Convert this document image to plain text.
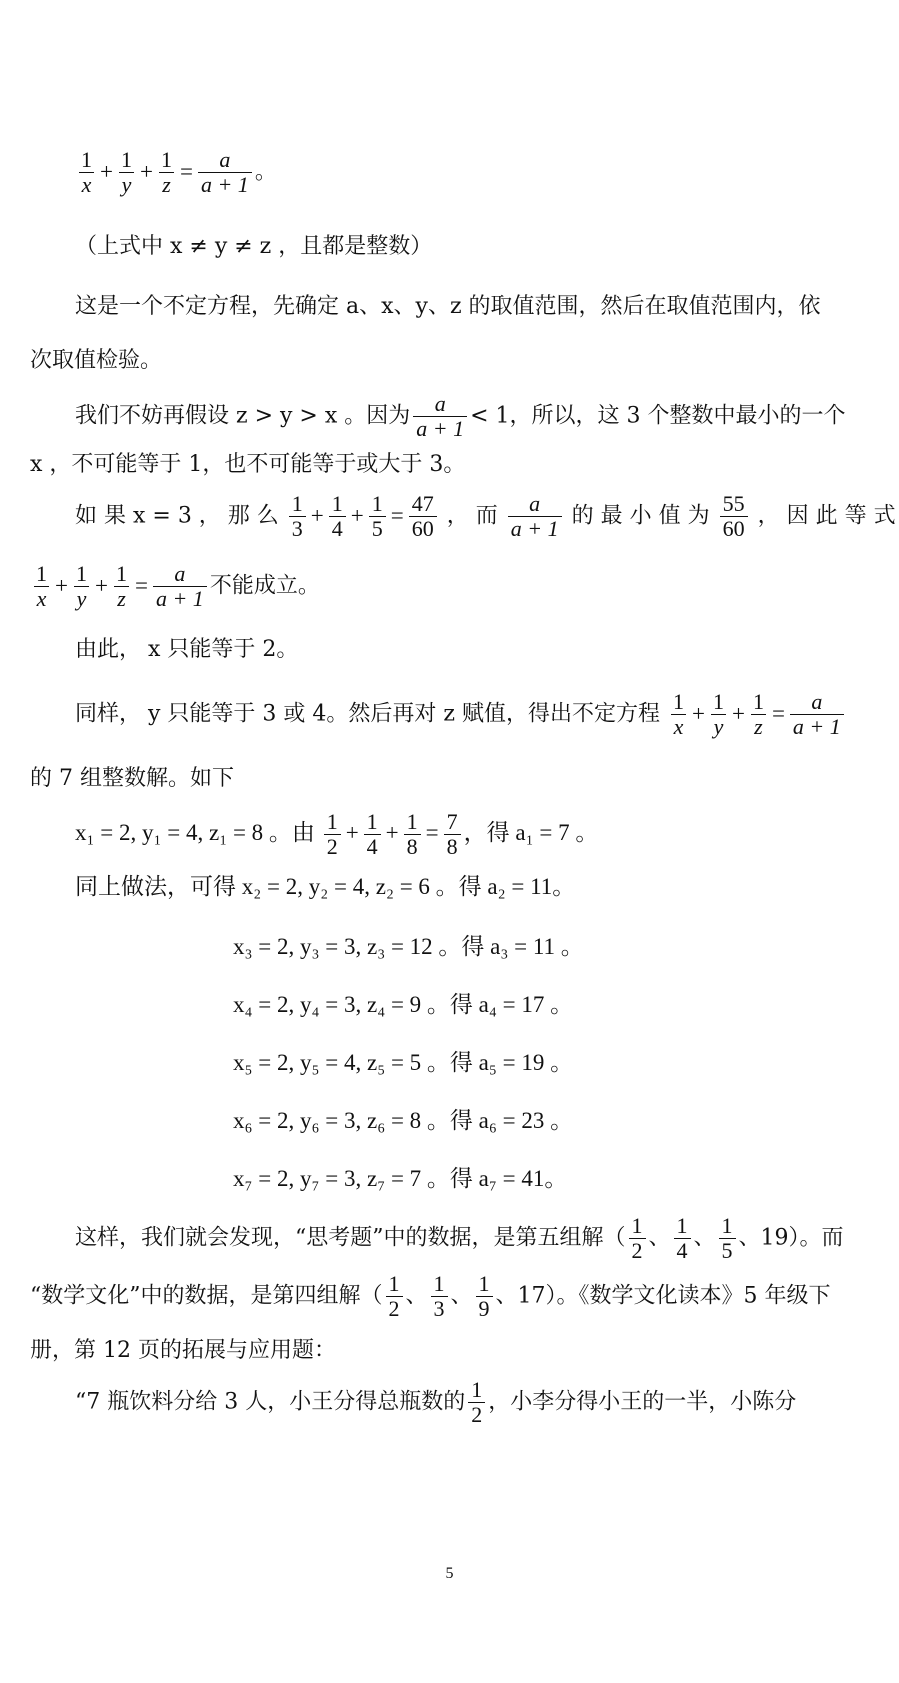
$\frac{1}{x} + \frac{1}{y} + \frac{1}{z} = \frac{a}{a + 1}$ 。
（上式中 x ≠ y ≠ z ，且都是整数）
这是一个不定方程，先确定 a、x、y、z 的取值范围，然后在取值范围内，依
次取值检验。
我们不妨再假设 z > y > x 。因为 $\frac{a}{a + 1} < 1$，所以，这 3 个整数中最小的一个
x ，不可能等于 1，也不可能等于或大于 3。
如 果 x = 3 ， 那 么 $\frac{1}{3} + \frac{1}{4} + \frac{1}{5} = \frac{47}{60}$ ， 而 $\frac{a}{a + 1}$ 的 最 小 值 为 $\frac{55}{60}$ ， 因 此 等 式
$\frac{1}{x} + \frac{1}{y} + \frac{1}{z} = \frac{a}{a + 1}$ 不能成立。
由此， x 只能等于 2。
同样， y 只能等于 3 或 4。然后再对 z 赋值，得出不定方程 $\frac{1}{x} + \frac{1}{y} + \frac{1}{z} = \frac{a}{a + 1}$
的 7 组整数解。如下
x₁ = 2, y₁ = 4, z₁ = 8 。由 $\frac{1}{2} + \frac{1}{4} + \frac{1}{8} = \frac{7}{8}$ ，得 a₁ = 7 。
同上做法，可得 x₂ = 2, y₂ = 4, z₂ = 6 。得 a₂ = 11。
x₃ = 2, y₃ = 3, z₃ = 12 。得 a₃ = 11 。
x₄ = 2, y₄ = 3, z₄ = 9 。得 a₄ = 17 。
x₅ = 2, y₅ = 4, z₅ = 5 。得 a₅ = 19 。
x₆ = 2, y₆ = 3, z₆ = 8 。得 a₆ = 23 。
x₇ = 2, y₇ = 3, z₇ = 7 。得 a₇ = 41。
这样，我们就会发现，“思考题”中的数据，是第五组解（ $\frac{1}{2}$ 、 $\frac{1}{4}$ 、 $\frac{1}{5}$ 、19）。而
“数学文化”中的数据，是第四组解（ $\frac{1}{2}$ 、 $\frac{1}{3}$ 、 $\frac{1}{9}$ 、17）。《数学文化读本》5 年级下
册，第 12 页的拓展与应用题：
“7 瓶饮料分给 3 人，小王分得总瓶数的 $\frac{1}{2}$ ，小李分得小王的一半，小陈分
5
